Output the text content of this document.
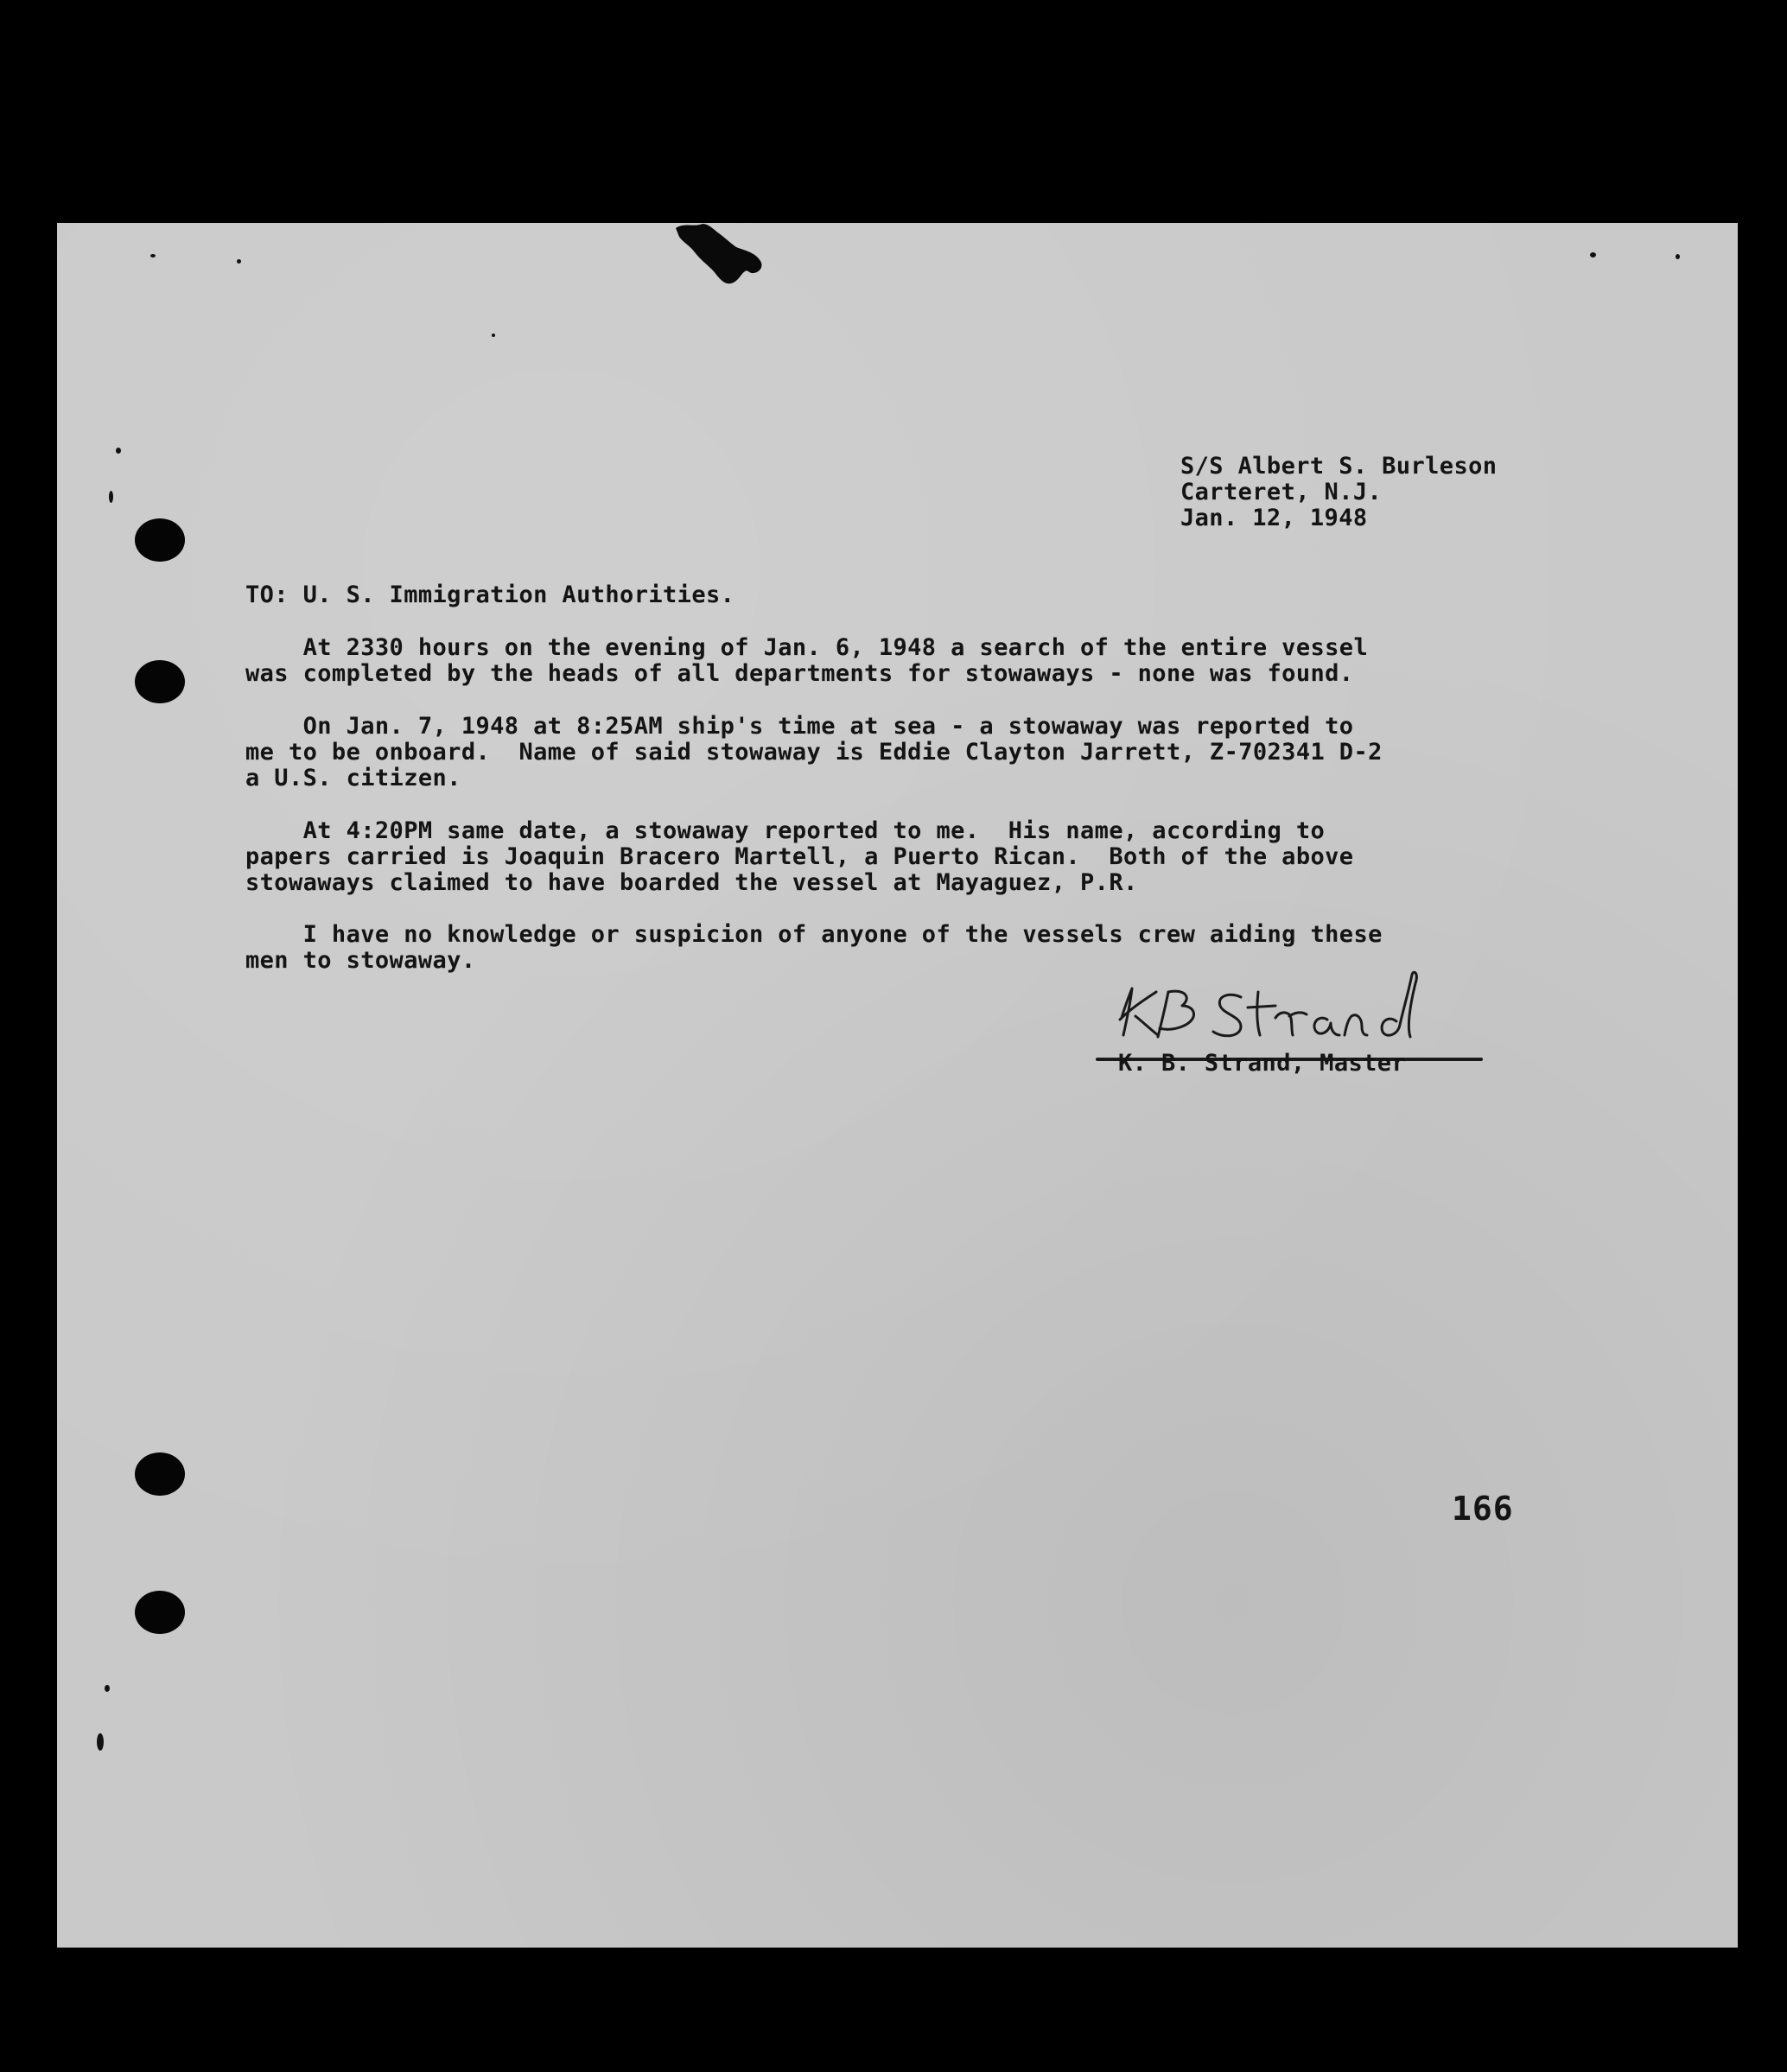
S/S Albert S. Burleson

Carteret, N.J.

Jan. 12, 1948

TO: U. S. Immigration Authorities.

At 2330 hours on the evening of Jan. 6, 1948 a search of the entire vessel

was completed by the heads of all departments for stowaways - none was found.

On Jan. 7, 1948 at 8:25AM ship's time at sea - a stowaway was reported to

me to be onboard.  Name of said stowaway is Eddie Clayton Jarrett, Z-702341 D-2

a U.S. citizen.

At 4:20PM same date, a stowaway reported to me.  His name, according to

papers carried is Joaquin Bracero Martell, a Puerto Rican.  Both of the above

stowaways claimed to have boarded the vessel at Mayaguez, P.R.

I have no knowledge or suspicion of anyone of the vessels crew aiding these

men to stowaway.

K B Strand

K. B. Strand, Master

166
